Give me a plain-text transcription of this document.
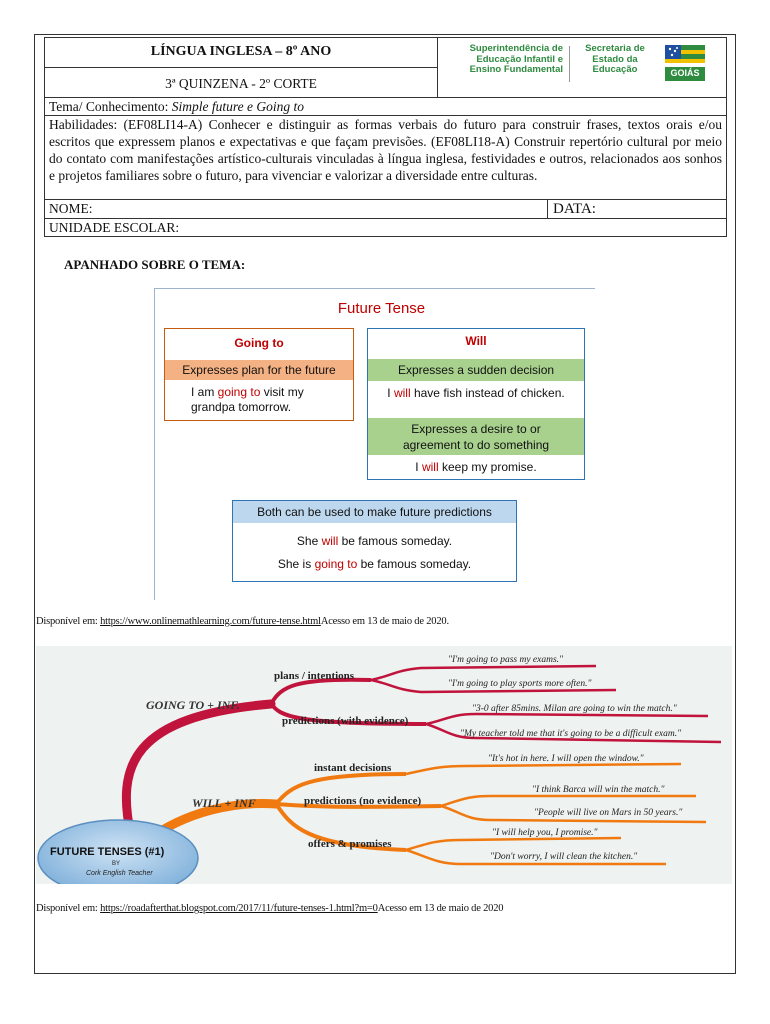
LÍNGUA INGLESA – 8º ANO
3ª QUINZENA - 2º CORTE
Superintendência de
Educação Infantil e
Ensino Fundamental
Secretaria de
Estado da
Educação	GOIÁS
Tema/ Conhecimento: Simple future e Going to
Habilidades: (EF08LI14-A) Conhecer e distinguir as formas verbais do futuro para construir frases, textos orais e/ou escritos que expressem planos e expectativas e que façam previsões. (EF08LI18-A) Construir repertório cultural por meio do contato com manifestações artístico-culturais vinculadas à língua inglesa, festividades e outros, relacionados aos sonhos e projetos familiares sobre o futuro, para vivenciar e valorizar a diversidade entre culturas.
NOME:	DATA:
UNIDADE ESCOLAR:
APANHADO SOBRE O TEMA:
Future Tense
Going to
Expresses plan for the future
I am going to visit my
grandpa tomorrow.
Will
Expresses a sudden decision
I will have fish instead of chicken.
Expresses a desire to or
agreement to do something
I will keep my promise.
Both can be used to make future predictions
She will be famous someday.
She is going to be famous someday.
Disponível em: https://www.onlinemathlearning.com/future-tense.htmlAcesso em 13 de maio de 2020.
GOING TO + INF.
WILL + INF
plans / intentions
predictions (with evidence)
instant decisions
predictions (no evidence)
offers & promises
"I'm going to pass my exams."
"I'm going to play sports more often."
"3-0 after 85mins. Milan are going to win the match."
"My teacher told me that it's going to be a difficult exam."
"It's hot in here. I will open the window."
"I think Barca will win the match."
"People will live on Mars in 50 years."
"I will help you, I promise."
"Don't worry, I will clean the kitchen."
FUTURE TENSES (#1)
BY
Cork English Teacher
Disponível em: https://roadafterthat.blogspot.com/2017/11/future-tenses-1.html?m=0Acesso em 13 de maio de 2020
